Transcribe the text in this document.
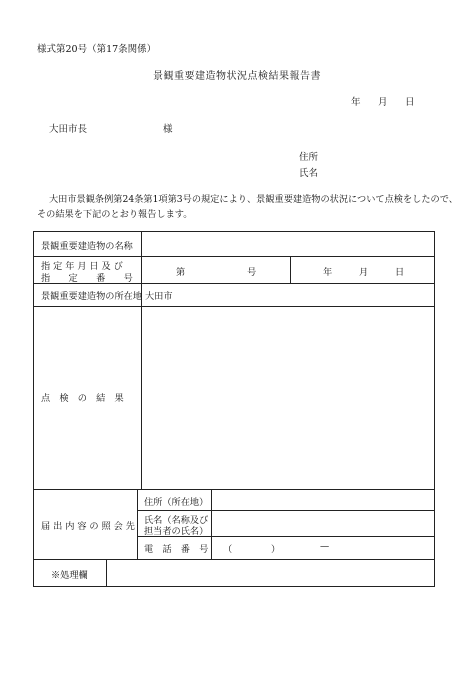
様式第20号（第17条関係）
景観重要建造物状況点検結果報告書
年 月 日
大田市長	様
住所
氏名
大田市景観条例第24条第1項第3号の規定により、景観重要建造物の状況について点検をしたので、
その結果を下記のとおり報告します。
景観重要建造物の名称
指 定 年 月 日 及 び
指　　定　　番　　号
第	号	年	月	日
景観重要建造物の所在地 大田市
点　検　の　結　果
届 出 内 容 の 照 会 先
住所（所在地）
氏名（名称及び
担当者の氏名）
電　話　番　号 （	）	—
※処理欄
